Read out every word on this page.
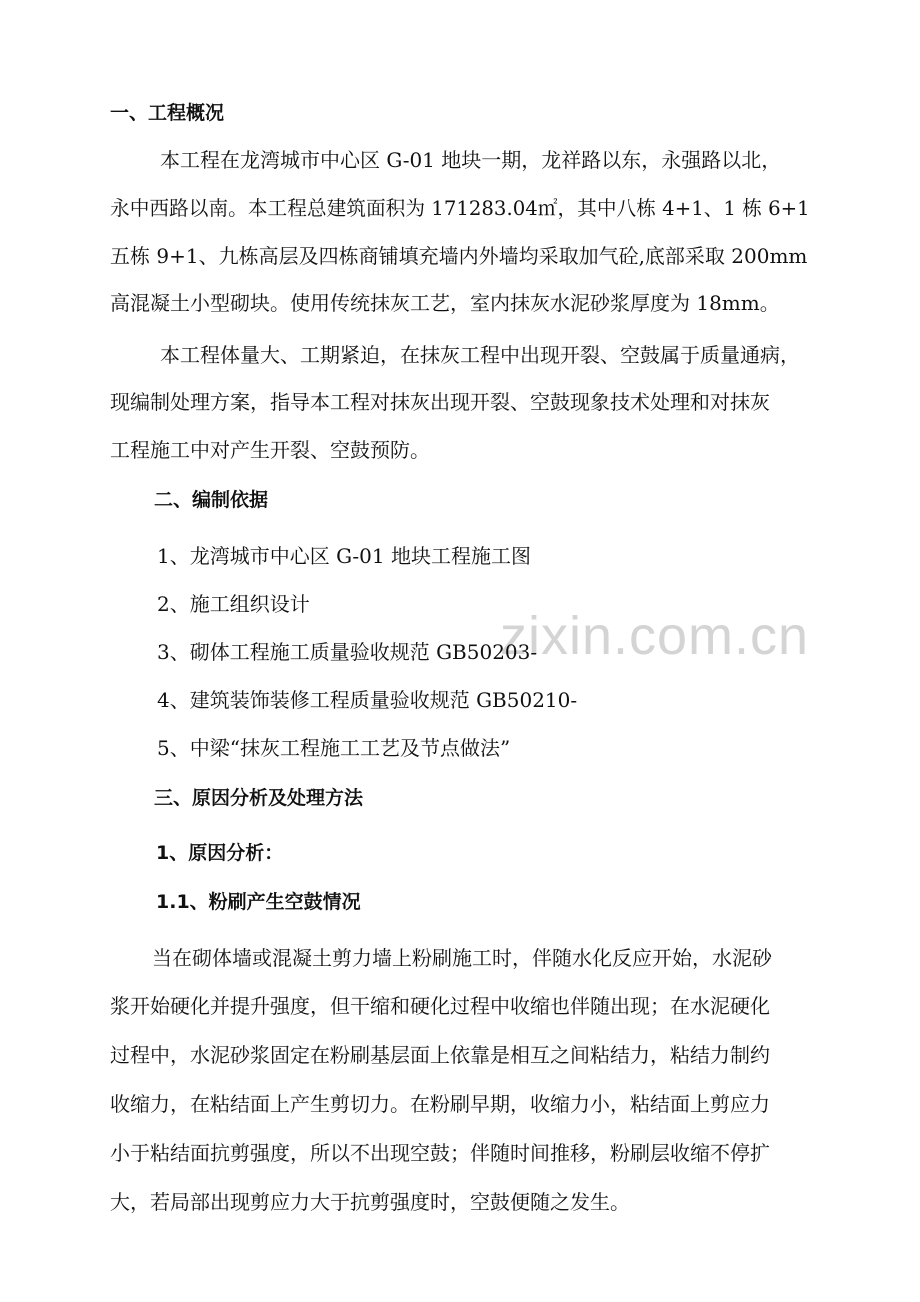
zixin.com.cn
一、工程概况
本工程在龙湾城市中心区 G-01 地块一期，龙祥路以东，永强路以北，
永中西路以南。本工程总建筑面积为 171283.04㎡，其中八栋 4+1、1 栋 6+1
五栋 9+1、九栋高层及四栋商铺填充墙内外墙均采取加气砼,底部采取 200mm
高混凝土小型砌块。使用传统抹灰工艺，室内抹灰水泥砂浆厚度为 18mm。
本工程体量大、工期紧迫，在抹灰工程中出现开裂、空鼓属于质量通病，
现编制处理方案，指导本工程对抹灰出现开裂、空鼓现象技术处理和对抹灰
工程施工中对产生开裂、空鼓预防。
二、编制依据
1、龙湾城市中心区 G-01 地块工程施工图
2、施工组织设计
3、砌体工程施工质量验收规范 GB50203-
4、建筑装饰装修工程质量验收规范 GB50210-
5、中梁“抹灰工程施工工艺及节点做法”
三、原因分析及处理方法
1、原因分析：
1.1、粉刷产生空鼓情况
当在砌体墙或混凝土剪力墙上粉刷施工时，伴随水化反应开始，水泥砂
浆开始硬化并提升强度，但干缩和硬化过程中收缩也伴随出现；在水泥硬化
过程中，水泥砂浆固定在粉刷基层面上依靠是相互之间粘结力，粘结力制约
收缩力，在粘结面上产生剪切力。在粉刷早期，收缩力小，粘结面上剪应力
小于粘结面抗剪强度，所以不出现空鼓；伴随时间推移，粉刷层收缩不停扩
大，若局部出现剪应力大于抗剪强度时，空鼓便随之发生。
